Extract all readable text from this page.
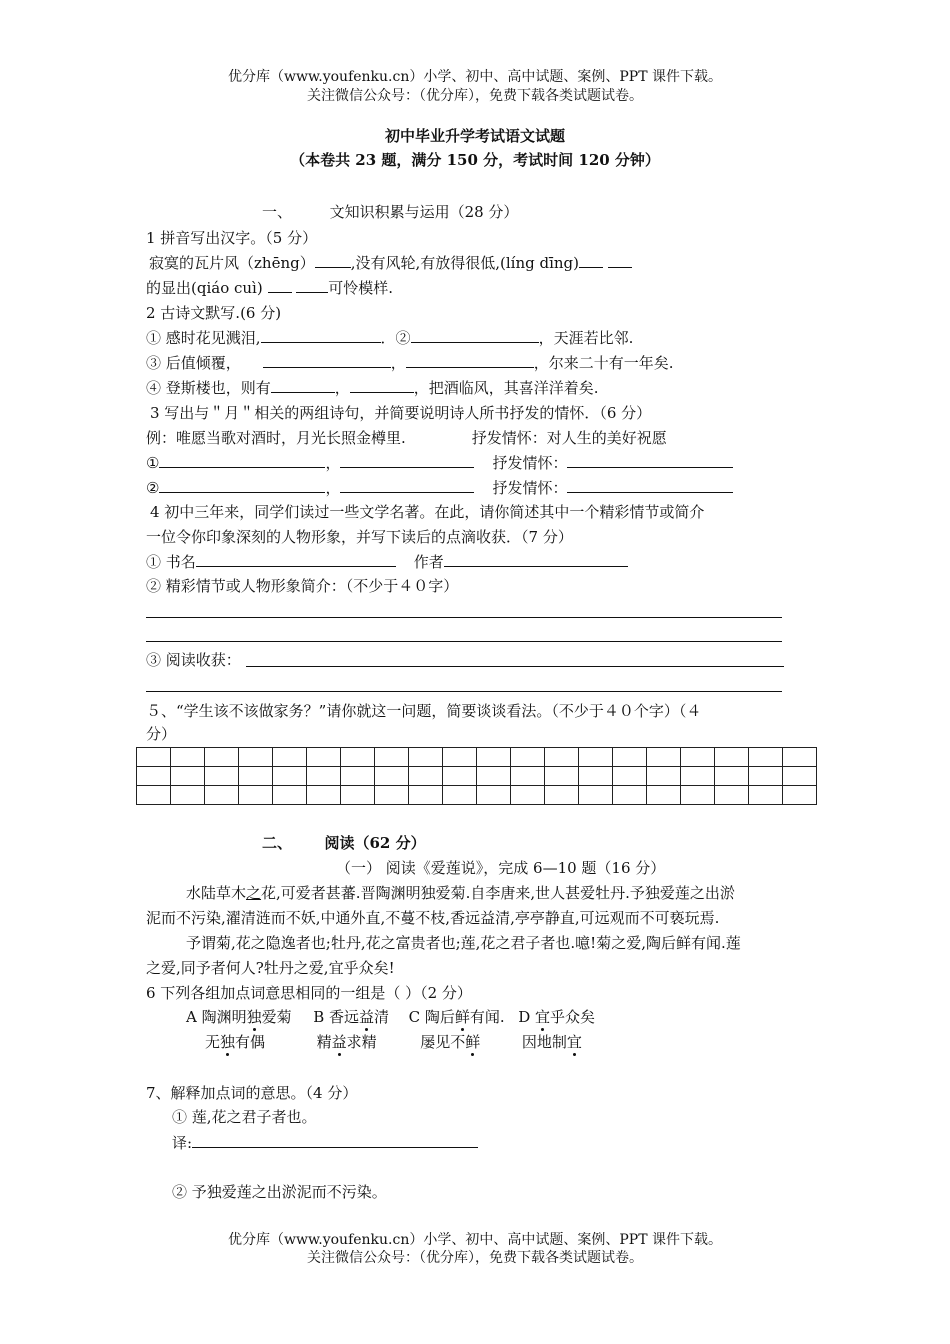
优分库（www.youfenku.cn）小学、初中、高中试题、案例、PPT 课件下载。
关注微信公众号：（优分库），免费下载各类试题试卷。
初中毕业升学考试语文试题
（本卷共 23 题，满分 150 分，考试时间 120 分钟）
一、	文知识积累与运用（28 分）
1 拼音写出汉字。（5 分）
寂寞的瓦片风（zhēng） ,没有风轮,有放得很低,(líng dīng)
的显出(qiáo cuì)	可怜模样.
2 古诗文默写.(6 分)
① 感时花见溅泪,	．②	，天涯若比邻.
③ 后值倾覆，	，	，尔来二十有一年矣.
④ 登斯楼也，则有	，	，把酒临风，其喜洋洋着矣.
3 写出与＂月＂相关的两组诗句，并简要说明诗人所书抒发的情怀．（6 分）
例：唯愿当歌对酒时，月光长照金樽里.	抒发情怀：对人生的美好祝愿
①	，	抒发情怀：
②	，	抒发情怀：
4 初中三年来，同学们读过一些文学名著。在此，请你简述其中一个精彩情节或简介
一位令你印象深刻的人物形象，并写下读后的点滴收获．（7 分）
① 书名	作者
② 精彩情节或人物形象简介：（不少于４０字）
③ 阅读收获：
５、“学生该不该做家务？”请你就这一问题，简要谈谈看法。（不少于４０个字）（４
分）

二、 阅读（62 分）
（一） 阅读《爱莲说》，完成 6—10 题（16 分）
水陆草木之花,可爱者甚蕃.晋陶渊明独爱菊.自李唐来,世人甚爱牡丹.予独爱莲之出淤
泥而不污染,濯清涟而不妖,中通外直,不蔓不枝,香远益清,亭亭静直,可远观而不可亵玩焉.
予谓菊,花之隐逸者也;牡丹,花之富贵者也;莲,花之君子者也.噫!菊之爱,陶后鲜有闻.莲
之爱,同予者何人?牡丹之爱,宜乎众矣!
6 下列各组加点词意思相同的一组是（ ）（2 分）
A 陶渊明独爱菊 B 香远益清 C 陶后鲜有闻. D 宜乎众矣
无独有偶	精益求精	屡见不鲜	因地制宜
7、解释加点词的意思。（4 分）
① 莲,花之君子者也。
译:
② 予独爱莲之出淤泥而不污染。
优分库（www.youfenku.cn）小学、初中、高中试题、案例、PPT 课件下载。
关注微信公众号：（优分库），免费下载各类试题试卷。
